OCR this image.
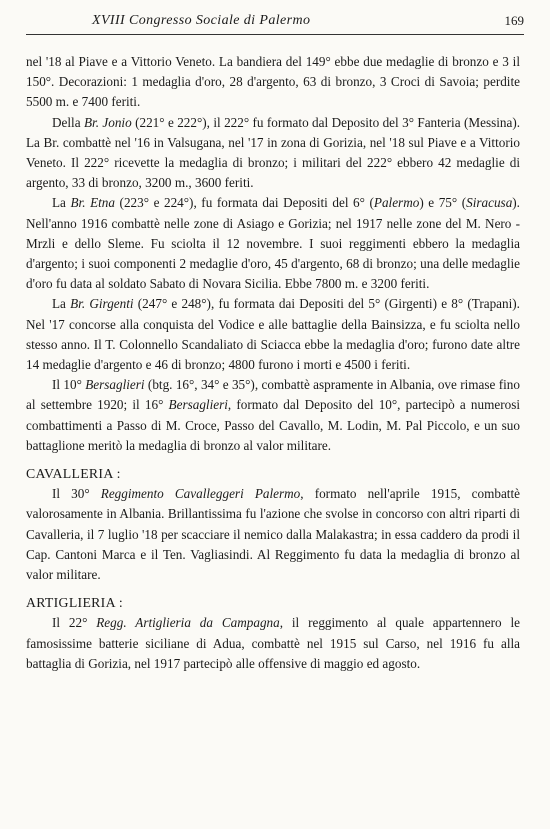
XVIII Congresso Sociale di Palermo	169

nel '18 al Piave e a Vittorio Veneto. La bandiera del 149° ebbe due medaglie di bronzo e 3 il 150°. Decorazioni: 1 medaglia d'oro, 28 d'argento, 63 di bronzo, 3 Croci di Savoia; perdite 5500 m. e 7400 feriti.

Della Br. Jonio (221° e 222°), il 222° fu formato dal Deposito del 3° Fanteria (Messina). La Br. combattè nel '16 in Valsugana, nel '17 in zona di Gorizia, nel '18 sul Piave e a Vittorio Veneto. Il 222° ricevette la medaglia di bronzo; i militari del 222° ebbero 42 medaglie di argento, 33 di bronzo, 3200 m., 3600 feriti.

La Br. Etna (223° e 224°), fu formata dai Depositi del 6° (Palermo) e 75° (Siracusa). Nell'anno 1916 combattè nelle zone di Asiago e Gorizia; nel 1917 nelle zone del M. Nero - Mrzli e dello Sleme. Fu sciolta il 12 novembre. I suoi reggimenti ebbero la medaglia d'argento; i suoi componenti 2 medaglie d'oro, 45 d'argento, 68 di bronzo; una delle medaglie d'oro fu data al soldato Sabato di Novara Sicilia. Ebbe 7800 m. e 3200 feriti.

La Br. Girgenti (247° e 248°), fu formata dai Depositi del 5° (Girgenti) e 8° (Trapani). Nel '17 concorse alla conquista del Vodice e alle battaglie della Bainsizza, e fu sciolta nello stesso anno. Il T. Colonnello Scandaliato di Sciacca ebbe la medaglia d'oro; furono date altre 14 medaglie d'argento e 46 di bronzo; 4800 furono i morti e 4500 i feriti.

Il 10° Bersaglieri (btg. 16°, 34° e 35°), combattè aspramente in Albania, ove rimase fino al settembre 1920; il 16° Bersaglieri, formato dal Deposito del 10°, partecipò a numerosi combattimenti a Passo di M. Croce, Passo del Cavallo, M. Lodin, M. Pal Piccolo, e un suo battaglione meritò la medaglia di bronzo al valor militare.

CAVALLERIA :

Il 30° Reggimento Cavalleggeri Palermo, formato nell'aprile 1915, combattè valorosamente in Albania. Brillantissima fu l'azione che svolse in concorso con altri riparti di Cavalleria, il 7 luglio '18 per scacciare il nemico dalla Malakastra; in essa caddero da prodi il Cap. Cantoni Marca e il Ten. Vagliasindi. Al Reggimento fu data la medaglia di bronzo al valor militare.

ARTIGLIERIA :

Il 22° Regg. Artiglieria da Campagna, il reggimento al quale appartennero le famosissime batterie siciliane di Adua, combattè nel 1915 sul Carso, nel 1916 fu alla battaglia di Gorizia, nel 1917 partecipò alle offensive di maggio ed agosto.
